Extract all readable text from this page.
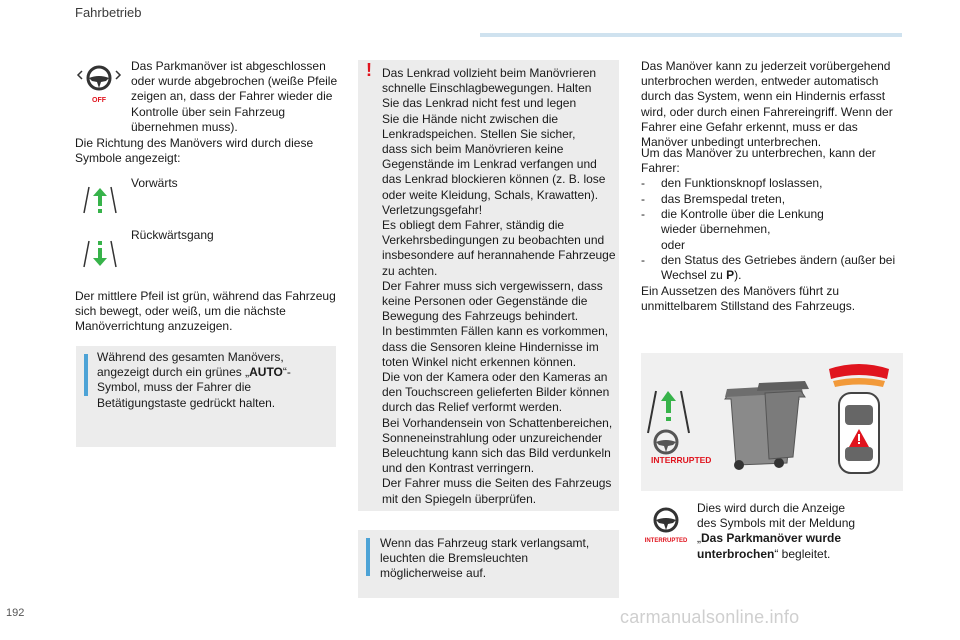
Fahrbetrieb
OFF
Das Parkmanöver ist abgeschlossen oder wurde abgebrochen (weiße Pfeile zeigen an, dass der Fahrer wieder die Kontrolle über sein Fahrzeug übernehmen muss).
Die Richtung des Manövers wird durch diese Symbole angezeigt:
Vorwärts
Rückwärtsgang
Der mittlere Pfeil ist grün, während das Fahrzeug sich bewegt, oder weiß, um die nächste Manöverrichtung anzuzeigen.
Während des gesamten Manövers, angezeigt durch ein grünes „AUTO“-Symbol, muss der Fahrer die Betätigungstaste gedrückt halten.
! Das Lenkrad vollzieht beim Manövrieren
schnelle Einschlagbewegungen. Halten
Sie das Lenkrad nicht fest und legen
Sie die Hände nicht zwischen die
Lenkradspeichen. Stellen Sie sicher,
dass sich beim Manövrieren keine
Gegenstände im Lenkrad verfangen und
das Lenkrad blockieren können (z. B. lose
oder weite Kleidung, Schals, Krawatten).
Verletzungsgefahr!
Es obliegt dem Fahrer, ständig die
Verkehrsbedingungen zu beobachten und
insbesondere auf herannahende Fahrzeuge
zu achten.
Der Fahrer muss sich vergewissern, dass
keine Personen oder Gegenstände die
Bewegung des Fahrzeugs behindert.
In bestimmten Fällen kann es vorkommen,
dass die Sensoren kleine Hindernisse im
toten Winkel nicht erkennen können.
Die von der Kamera oder den Kameras an
den Touchscreen gelieferten Bilder können
durch das Relief verformt werden.
Bei Vorhandensein von Schattenbereichen,
Sonneneinstrahlung oder unzureichender
Beleuchtung kann sich das Bild verdunkeln
und den Kontrast verringern.
Der Fahrer muss die Seiten des Fahrzeugs
mit den Spiegeln überprüfen.
Wenn das Fahrzeug stark verlangsamt, leuchten die Bremsleuchten möglicherweise auf.
Das Manöver kann zu jederzeit vorübergehend unterbrochen werden, entweder automatisch durch das System, wenn ein Hindernis erfasst wird, oder durch einen Fahrereingriff. Wenn der Fahrer eine Gefahr erkennt, muss er das Manöver unbedingt unterbrechen.
Um das Manöver zu unterbrechen, kann der Fahrer:
- den Funktionsknopf loslassen,
- das Bremspedal treten,
- die Kontrolle über die Lenkung wieder übernehmen,
oder
- den Status des Getriebes ändern (außer bei Wechsel zu P).
Ein Aussetzen des Manövers führt zu unmittelbarem Stillstand des Fahrzeugs.
INTERRUPTED
INTERRUPTED
Dies wird durch die Anzeige des Symbols mit der Meldung „Das Parkmanöver wurde unterbrochen“ begleitet.
192	carmanualsonline.info
